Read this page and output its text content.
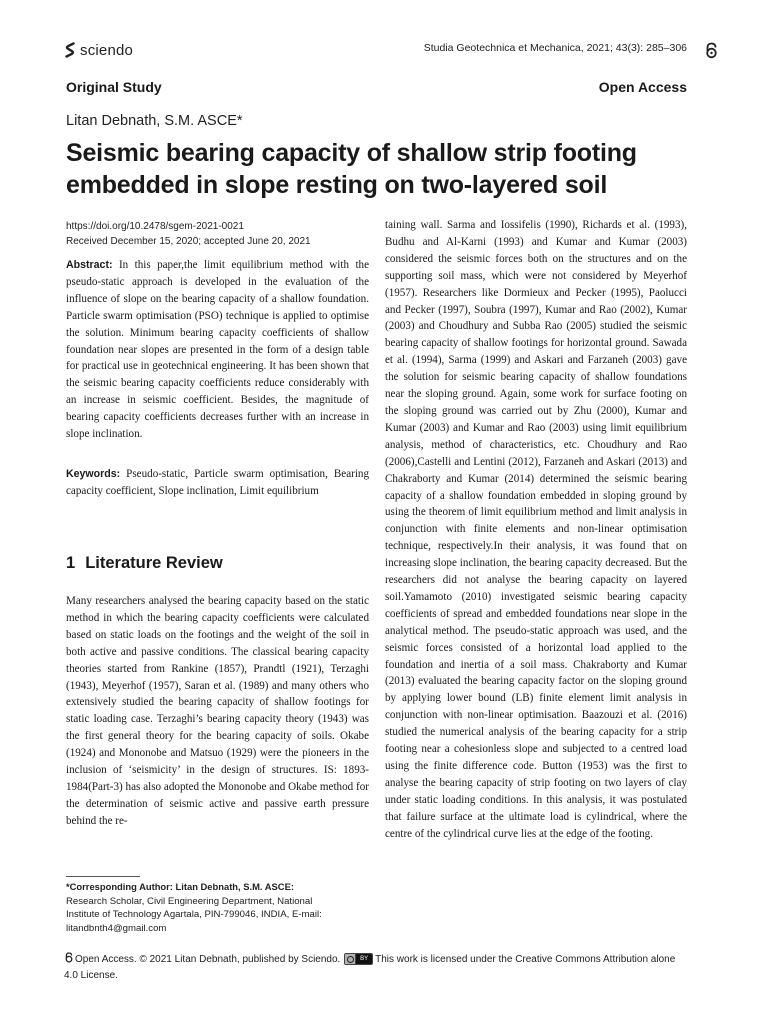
sciendo	Studia Geotechnica et Mechanica, 2021; 43(3): 285–306
Original Study	Open Access
Litan Debnath, S.M. ASCE*
Seismic bearing capacity of shallow strip footing
embedded in slope resting on two-layered soil
https://doi.org/10.2478/sgem-2021-0021
Received December 15, 2020; accepted June 20, 2021
Abstract: In this paper,the limit equilibrium method with the pseudo-static approach is developed in the evaluation of the influence of slope on the bearing capacity of a shallow foundation. Particle swarm optimisation (PSO) technique is applied to optimise the solution. Minimum bearing capacity coefficients of shallow foundation near slopes are presented in the form of a design table for practical use in geotechnical engineering. It has been shown that the seismic bearing capacity coefficients reduce considerably with an increase in seismic coefficient. Besides, the magnitude of bearing capacity coefficients decreases further with an increase in slope inclination.
Keywords: Pseudo-static, Particle swarm optimisation, Bearing capacity coefficient, Slope inclination, Limit equilibrium
1 Literature Review
Many researchers analysed the bearing capacity based on the static method in which the bearing capacity coefficients were calculated based on static loads on the footings and the weight of the soil in both active and passive conditions. The classical bearing capacity theories started from Rankine (1857), Prandtl (1921), Terzaghi (1943), Meyerhof (1957), Saran et al. (1989) and many others who extensively studied the bearing capacity of shallow footings for static loading case. Terzaghi’s bearing capacity theory (1943) was the first general theory for the bearing capacity of soils. Okabe (1924) and Mononobe and Matsuo (1929) were the pioneers in the inclusion of ‘seismicity’ in the design of structures. IS: 1893-1984(Part-3) has also adopted the Mononobe and Okabe method for the determination of seismic active and passive earth pressure behind the re-
taining wall. Sarma and Iossifelis (1990), Richards et al. (1993), Budhu and Al-Karni (1993) and Kumar and Kumar (2003) considered the seismic forces both on the structures and on the supporting soil mass, which were not considered by Meyerhof (1957). Researchers like Dormieux and Pecker (1995), Paolucci and Pecker (1997), Soubra (1997), Kumar and Rao (2002), Kumar (2003) and Choudhury and Subba Rao (2005) studied the seismic bearing capacity of shallow footings for horizontal ground. Sawada et al. (1994), Sarma (1999) and Askari and Farzaneh (2003) gave the solution for seismic bearing capacity of shallow foundations near the sloping ground. Again, some work for surface footing on the sloping ground was carried out by Zhu (2000), Kumar and Kumar (2003) and Kumar and Rao (2003) using limit equilibrium analysis, method of characteristics, etc. Choudhury and Rao (2006),Castelli and Lentini (2012), Farzaneh and Askari (2013) and Chakraborty and Kumar (2014) determined the seismic bearing capacity of a shallow foundation embedded in sloping ground by using the theorem of limit equilibrium method and limit analysis in conjunction with finite elements and non-linear optimisation technique, respectively.In their analysis, it was found that on increasing slope inclination, the bearing capacity decreased. But the researchers did not analyse the bearing capacity on layered soil.Yamamoto (2010) investigated seismic bearing capacity coefficients of spread and embedded foundations near slope in the analytical method. The pseudo-static approach was used, and the seismic forces consisted of a horizontal load applied to the foundation and inertia of a soil mass. Chakraborty and Kumar (2013) evaluated the bearing capacity factor on the sloping ground by applying lower bound (LB) finite element limit analysis in conjunction with non-linear optimisation. Baazouzi et al. (2016) studied the numerical analysis of the bearing capacity for a strip footing near a cohesionless slope and subjected to a centred load using the finite difference code. Button (1953) was the first to analyse the bearing capacity of strip footing on two layers of clay under static loading conditions. In this analysis, it was postulated that failure surface at the ultimate load is cylindrical, where the centre of the cylindrical curve lies at the edge of the footing.
*Corresponding Author: Litan Debnath, S.M. ASCE: Research Scholar, Civil Engineering Department, National Institute of Technology Agartala, PIN-799046, INDIA, E-mail: litandbnth4@gmail.com
Open Access. © 2021 Litan Debnath, published by Sciendo.	BY This work is licensed under the Creative Commons Attribution alone 4.0 License.
